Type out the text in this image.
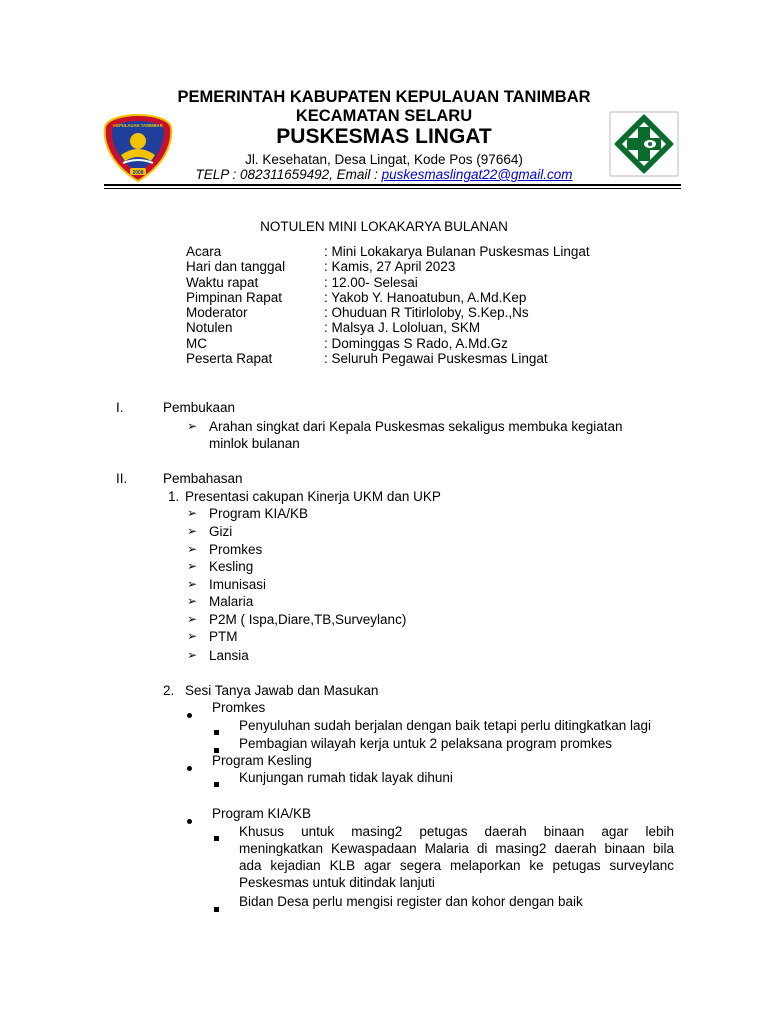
KEPULAUAN TANIMBAR
2008
PEMERINTAH KABUPATEN KEPULAUAN TANIMBAR
KECAMATAN SELARU
PUSKESMAS LINGAT
Jl. Kesehatan, Desa Lingat, Kode Pos (97664)
TELP : 082311659492, Email : puskesmaslingat22@gmail.com
NOTULEN MINI LOKAKARYA BULANAN
Acara	: Mini Lokakarya Bulanan Puskesmas Lingat
Hari dan tanggal	: Kamis, 27 April 2023
Waktu rapat	: 12.00- Selesai
Pimpinan Rapat	: Yakob Y. Hanoatubun, A.Md.Kep
Moderator	: Ohuduan R Titirloloby, S.Kep.,Ns
Notulen	: Malsya J. Lololuan, SKM
MC	: Dominggas S Rado, A.Md.Gz
Peserta Rapat	: Seluruh Pegawai Puskesmas Lingat
I.	Pembukaan
➢ Arahan singkat dari Kepala Puskesmas sekaligus membuka kegiatan
minlok bulanan
II.	Pembahasan
1. Presentasi cakupan Kinerja UKM dan UKP
➢ Program KIA/KB
➢ Gizi
➢ Promkes
➢ Kesling
➢ Imunisasi
➢ Malaria
➢ P2M ( Ispa,Diare,TB,Surveylanc)
➢ PTM
➢ Lansia
2. Sesi Tanya Jawab dan Masukan
Promkes
Penyuluhan sudah berjalan dengan baik tetapi perlu ditingkatkan lagi
Pembagian wilayah kerja untuk 2 pelaksana program promkes
Program Kesling
Kunjungan rumah tidak layak dihuni
Program KIA/KB
Khusus untuk masing2 petugas daerah binaan agar lebih
meningkatkan Kewaspadaan Malaria di masing2 daerah binaan bila
ada kejadian KLB agar segera melaporkan ke petugas surveylanc
Peskesmas untuk ditindak lanjuti
Bidan Desa perlu mengisi register dan kohor dengan baik
